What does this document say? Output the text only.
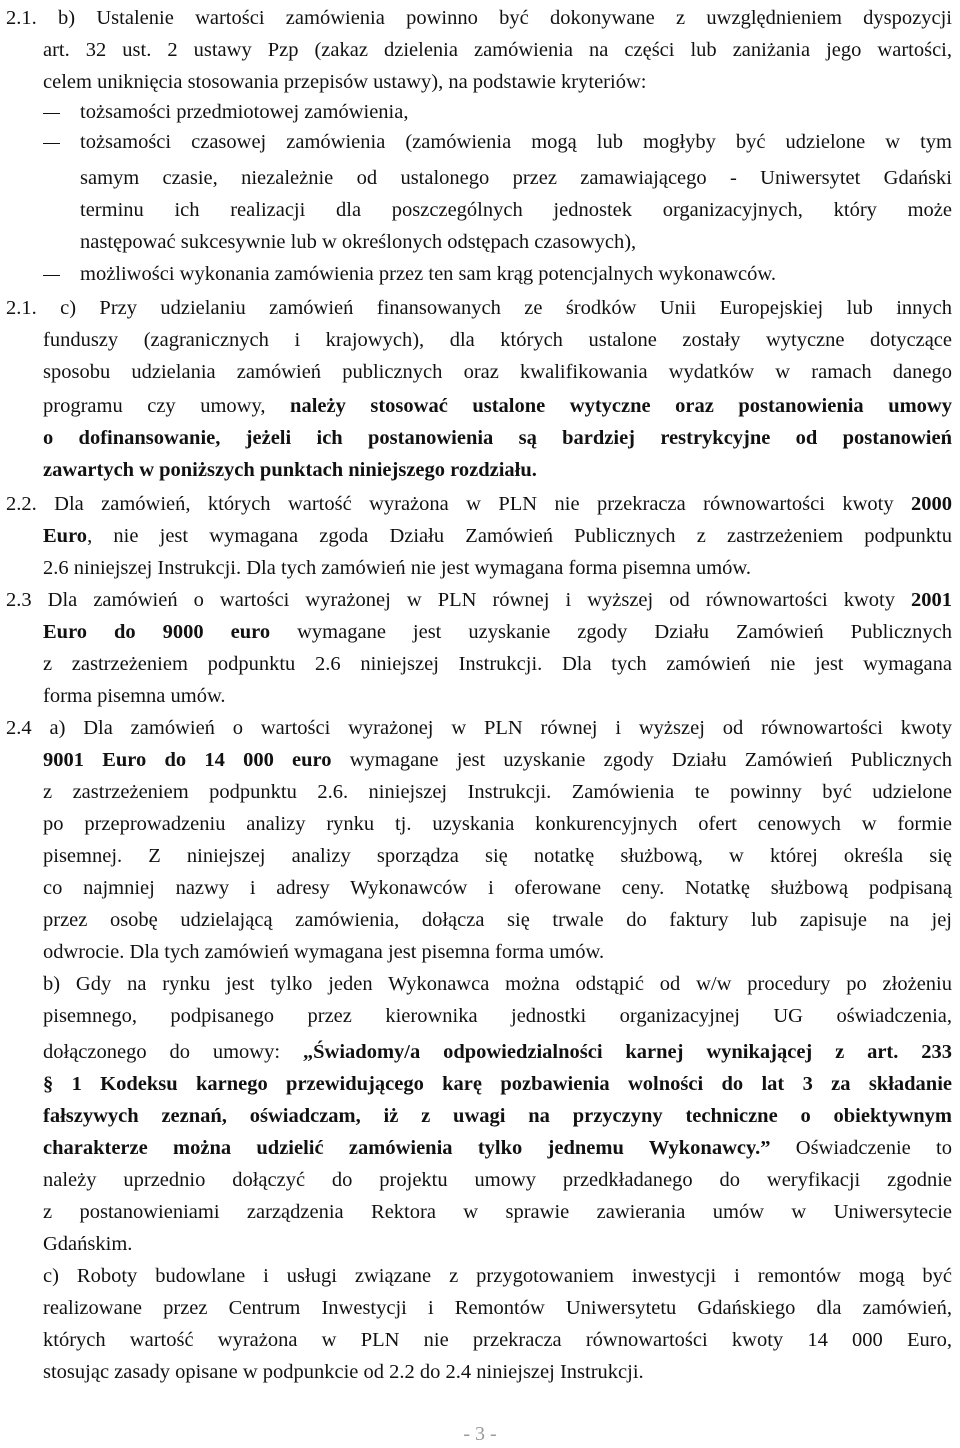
2.1. b) Ustalenie wartości zamówienia powinno być dokonywane z uwzględnieniem dyspozycji
art. 32 ust. 2 ustawy Pzp (zakaz dzielenia zamówienia na części lub zaniżania jego wartości,
celem uniknięcia stosowania przepisów ustawy), na podstawie kryteriów:
tożsamości przedmiotowej zamówienia,
tożsamości czasowej zamówienia (zamówienia mogą lub mogłyby być udzielone w tym
samym czasie, niezależnie od ustalonego przez zamawiającego - Uniwersytet Gdański
terminu ich realizacji dla poszczególnych jednostek organizacyjnych, który może
następować sukcesywnie lub w określonych odstępach czasowych),
możliwości wykonania zamówienia przez ten sam krąg potencjalnych wykonawców.
2.1. c) Przy udzielaniu zamówień finansowanych ze środków Unii Europejskiej lub innych
funduszy (zagranicznych i krajowych), dla których ustalone zostały wytyczne dotyczące
sposobu udzielania zamówień publicznych oraz kwalifikowania wydatków w ramach danego
programu czy umowy, należy stosować ustalone wytyczne oraz postanowienia umowy
o dofinansowanie, jeżeli ich postanowienia są bardziej restrykcyjne od postanowień
zawartych w poniższych punktach niniejszego rozdziału.
2.2. Dla zamówień, których wartość wyrażona w PLN nie przekracza równowartości kwoty 2000
Euro, nie jest wymagana zgoda Działu Zamówień Publicznych z zastrzeżeniem podpunktu
2.6 niniejszej Instrukcji. Dla tych zamówień nie jest wymagana forma pisemna umów.
2.3 Dla zamówień o wartości wyrażonej w PLN równej i wyższej od równowartości kwoty 2001
Euro do 9000 euro wymagane jest uzyskanie zgody Działu Zamówień Publicznych
z zastrzeżeniem podpunktu 2.6 niniejszej Instrukcji. Dla tych zamówień nie jest wymagana
forma pisemna umów.
2.4 a) Dla zamówień o wartości wyrażonej w PLN równej i wyższej od równowartości kwoty
9001 Euro do 14 000 euro wymagane jest uzyskanie zgody Działu Zamówień Publicznych
z zastrzeżeniem podpunktu 2.6. niniejszej Instrukcji. Zamówienia te powinny być udzielone
po przeprowadzeniu analizy rynku tj. uzyskania konkurencyjnych ofert cenowych w formie
pisemnej. Z niniejszej analizy sporządza się notatkę służbową, w której określa się
co najmniej nazwy i adresy Wykonawców i oferowane ceny. Notatkę służbową podpisaną
przez osobę udzielającą zamówienia, dołącza się trwale do faktury lub zapisuje na jej
odwrocie. Dla tych zamówień wymagana jest pisemna forma umów.
b) Gdy na rynku jest tylko jeden Wykonawca można odstąpić od w/w procedury po złożeniu
pisemnego, podpisanego przez kierownika jednostki organizacyjnej UG oświadczenia,
dołączonego do umowy: „Świadomy/a odpowiedzialności karnej wynikającej z art. 233
§ 1 Kodeksu karnego przewidującego karę pozbawienia wolności do lat 3 za składanie
fałszywych zeznań, oświadczam, iż z uwagi na przyczyny techniczne o obiektywnym
charakterze można udzielić zamówienia tylko jednemu Wykonawcy.” Oświadczenie to
należy uprzednio dołączyć do projektu umowy przedkładanego do weryfikacji zgodnie
z postanowieniami zarządzenia Rektora w sprawie zawierania umów w Uniwersytecie
Gdańskim.
c) Roboty budowlane i usługi związane z przygotowaniem inwestycji i remontów mogą być
realizowane przez Centrum Inwestycji i Remontów Uniwersytetu Gdańskiego dla zamówień,
których wartość wyrażona w PLN nie przekracza równowartości kwoty 14 000 Euro,
stosując zasady opisane w podpunkcie od 2.2 do 2.4 niniejszej Instrukcji.
- 3 -
